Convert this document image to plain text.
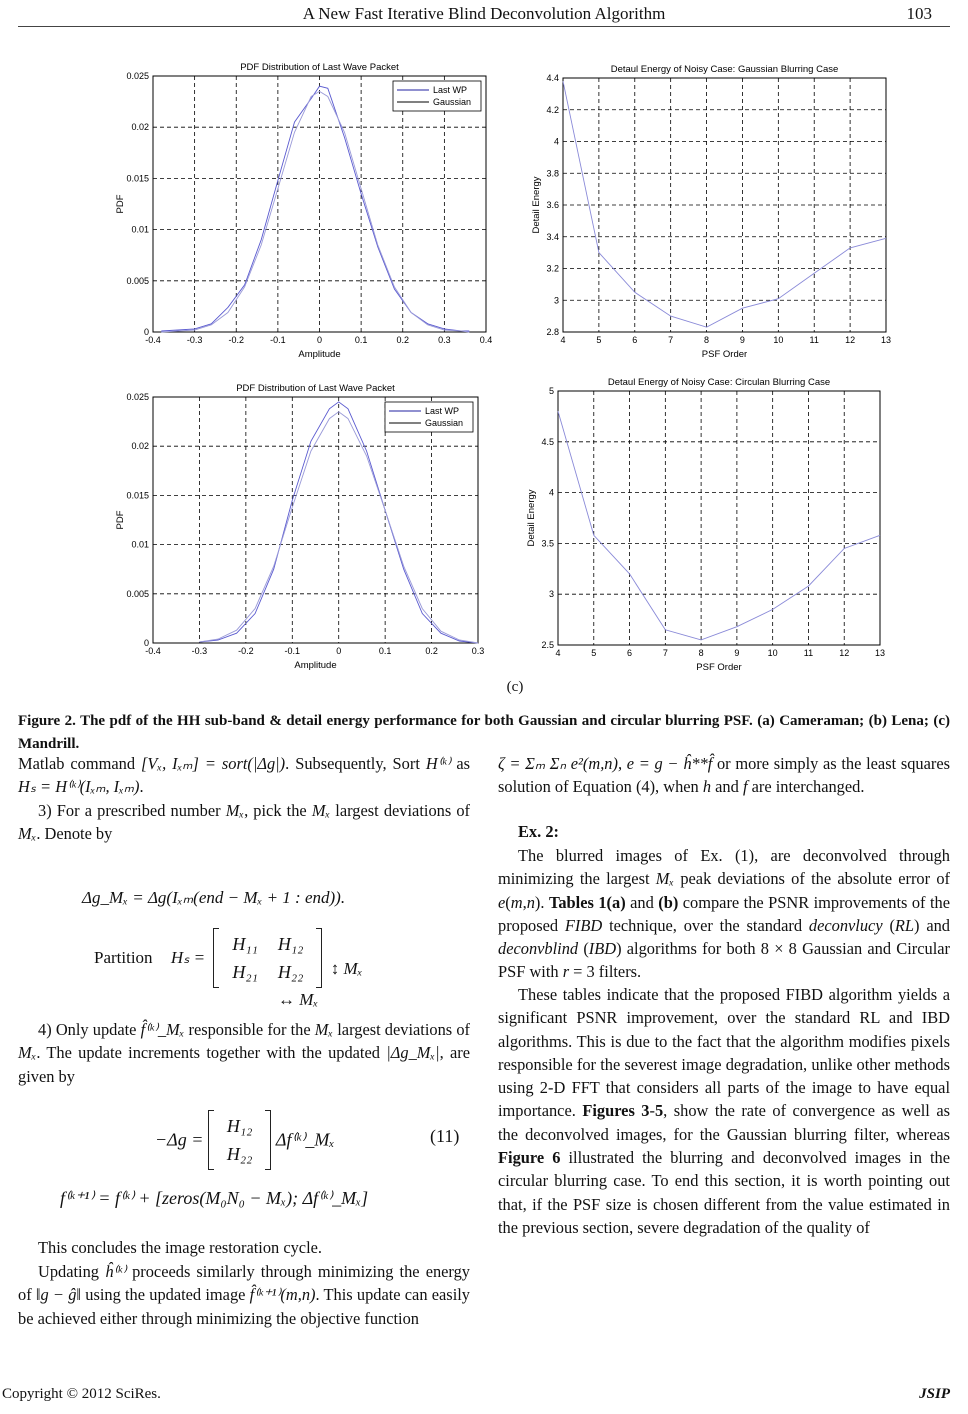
A New Fast Iterative Blind Deconvolution Algorithm	103
-0.4	-0.3	-0.2	-0.1	0	0.1	0.2	0.3	0.4
0
0.005
0.01
0.015
0.02
0.025
PDF Distribution of Last Wave Packet
Amplitude
PDF
Last WP
Gaussian
4	5	6	7	8	9	10	11	12	13
2.8
3
3.2
3.4
3.6
3.8
4
4.2
4.4
Detaul Energy of Noisy Case: Gaussian Blurring Case
PSF Order
Detail Energy
-0.4	-0.3	-0.2	-0.1	0	0.1	0.2	0.3
0
0.005
0.01
0.015
0.02
0.025
PDF Distribution of Last Wave Packet
Amplitude
PDF
Last WP
Gaussian
4	5	6	7	8	9	10	11	12	13
2.5
3
3.5
4
4.5
5
Detaul Energy of Noisy Case: Circulan Blurring Case
PSF Order
Detail Energy
(c)
Figure 2. The pdf of the HH sub-band & detail energy performance for both Gaussian and circular blurring PSF. (a) Cameraman; (b) Lena; (c) Mandrill.
Matlab command [Vₓ, Iₓₘ] = sort(|Δg|). Subsequently, Sort H⁽ᵏ⁾ as Hₛ = H⁽ᵏ⁾(Iₓₘ, Iₓₘ).
3) For a prescribed number Mₓ, pick the Mₓ largest deviations of Mₓ. Denote by
Δg_Mₓ = Δg(Iₓₘ(end − Mₓ + 1 : end)).
Partition Hₛ =
H₁₁	H₁₂
H₂₁	H₂₂ ↕ Mₓ
↔ Mₓ
4) Only update f̂⁽ᵏ⁾_Mₓ responsible for the Mₓ largest deviations of Mₓ. The update increments together with the updated |Δg_Mₓ|, are given by
−Δg =
H₁₂
H₂₂
Δf⁽ᵏ⁾_Mₓ	(11)
f⁽ᵏ⁺¹⁾ = f⁽ᵏ⁾ + [zeros(M₀N₀ − Mₓ); Δf⁽ᵏ⁾_Mₓ]
This concludes the image restoration cycle.
Updating ĥ⁽ᵏ⁾ proceeds similarly through minimizing the energy of ‖g − ĝ‖ using the updated image f̂⁽ᵏ⁺¹⁾(m,n). This update can easily be achieved either through minimizing the objective function
ζ = Σₘ Σₙ e²(m,n), e = g − ĥ**f̂ or more simply as the least squares solution of Equation (4), when h and f are interchanged.
Ex. 2:
The blurred images of Ex. (1), are deconvolved through minimizing the largest Mₓ peak deviations of the absolute error of e(m,n). Tables 1(a) and (b) compare the PSNR improvements of the proposed FIBD technique, over the standard deconvlucy (RL) and deconvblind (IBD) algorithms for both 8 × 8 Gaussian and Circular PSF with r = 3 filters.
These tables indicate that the proposed FIBD algorithm yields a significant PSNR improvement, over the standard RL and IBD algorithms. This is due to the fact that the algorithm modifies pixels responsible for the severest image degradation, unlike other methods using 2-D FFT that considers all parts of the image to have equal importance. Figures 3-5, show the rate of convergence as well as the deconvolved images, for the Gaussian blurring filter, whereas Figure 6 illustrated the blurring and deconvolved images in the circular blurring case. To end this section, it is worth pointing out that, if the PSF size is chosen different from the value estimated in the previous section, severe degradation of the quality of
Copyright © 2012 SciRes.	JSIP
